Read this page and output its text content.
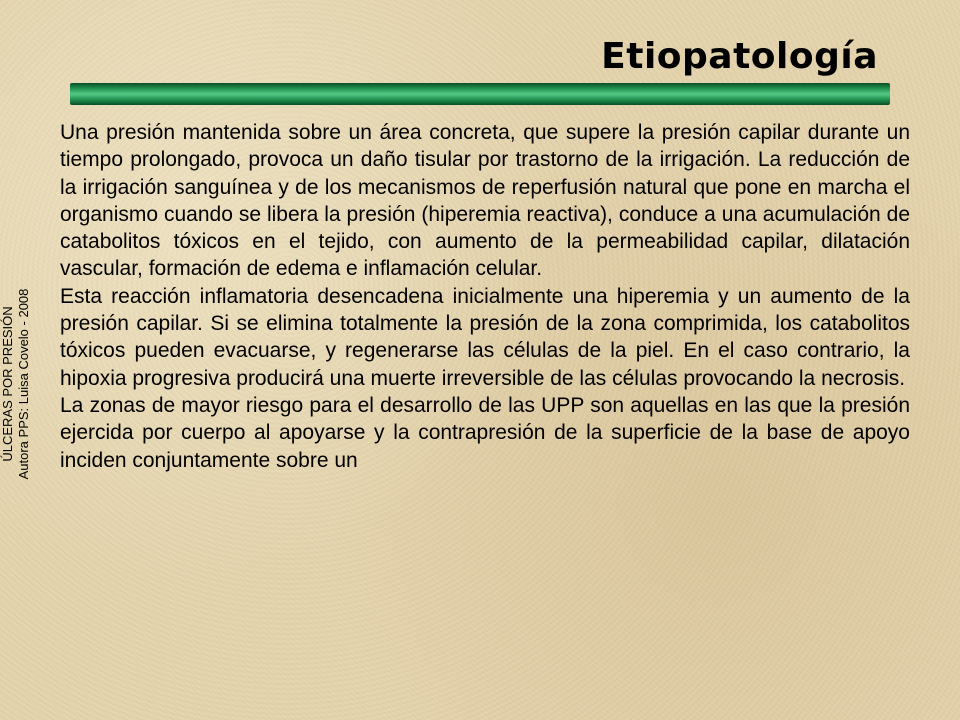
Etiopatología
ÚLCERAS POR PRESIÓN Autora PPS: Luisa Covelo - 2008

Una presión mantenida sobre un área concreta, que supere la presión capilar durante un tiempo prolongado, provoca un daño tisular por trastorno de la irrigación. La reducción de la irrigación sanguínea y de los mecanismos de reperfusión natural que pone en marcha el organismo cuando se libera la presión (hiperemia reactiva), conduce a una acumulación de catabolitos tóxicos en el tejido, con aumento de la permeabilidad capilar, dilatación vascular, formación de edema e inflamación celular.

Esta reacción inflamatoria desencadena inicialmente una hiperemia y un aumento de la presión capilar. Si se elimina totalmente la presión de la zona comprimida, los catabolitos tóxicos pueden evacuarse, y regenerarse las células de la piel. En el caso contrario, la hipoxia progresiva producirá una muerte irreversible de las células provocando la necrosis.

La zonas de mayor riesgo para el desarrollo de las UPP son aquellas en las que la presión ejercida por cuerpo al apoyarse y la contrapresión de la superficie de la base de apoyo inciden conjuntamente sobre un
